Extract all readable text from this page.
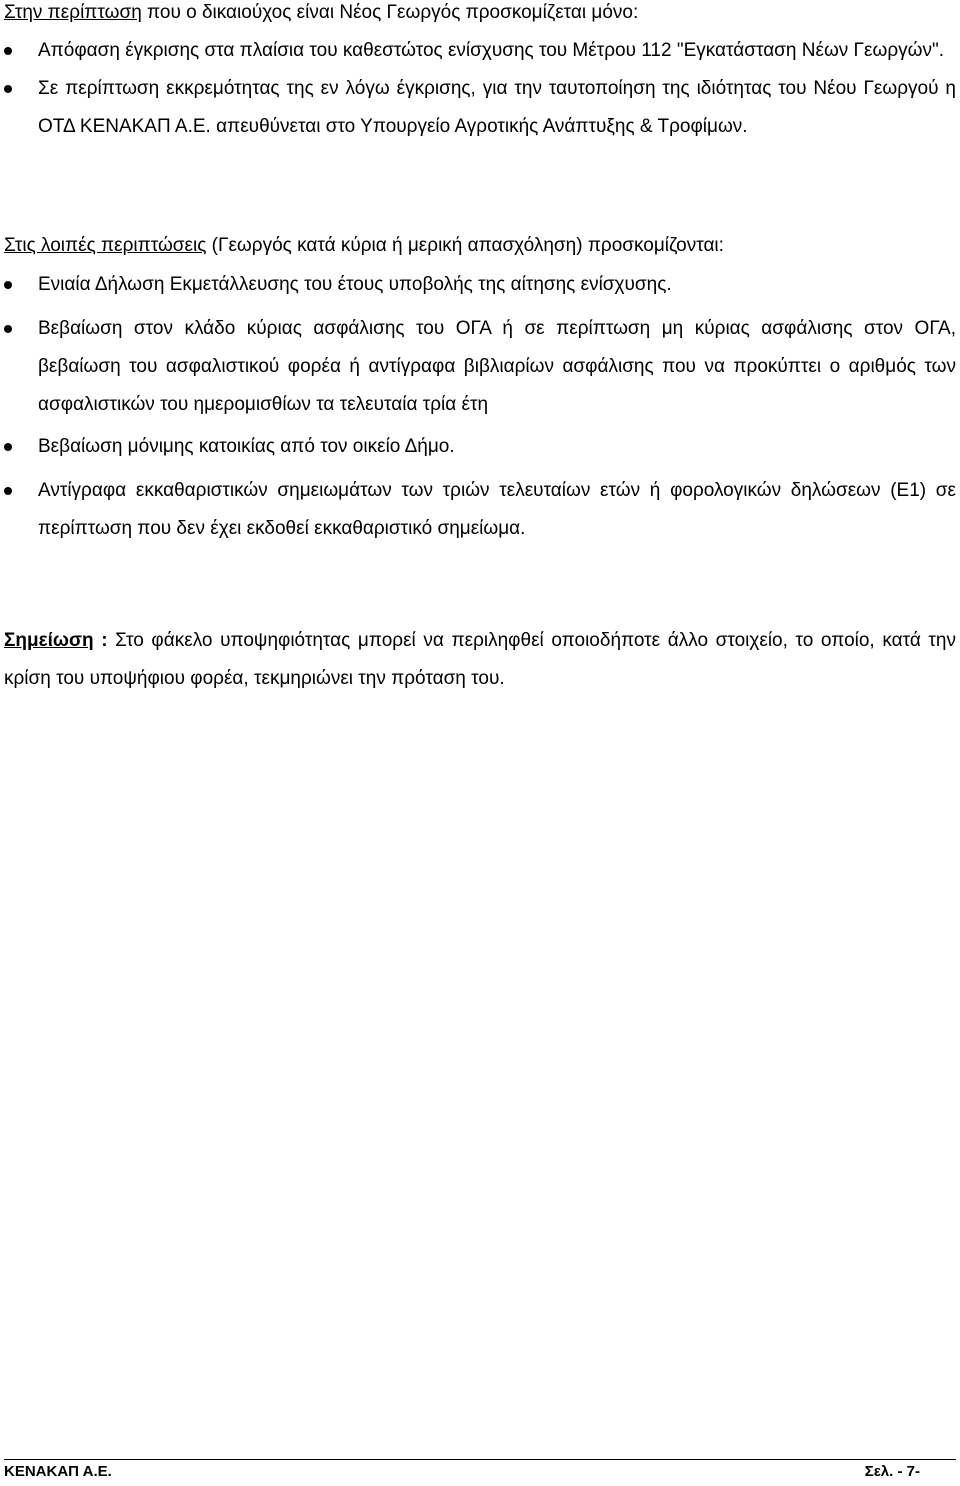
Στην περίπτωση που ο δικαιούχος είναι Νέος Γεωργός προσκομίζεται μόνο:

Απόφαση έγκρισης στα πλαίσια του καθεστώτος ενίσχυσης του Μέτρου 112 "Εγκατάσταση Νέων Γεωργών".
Σε περίπτωση εκκρεμότητας της εν λόγω έγκρισης, για την ταυτοποίηση της ιδιότητας του Νέου Γεωργού η ΟΤΔ ΚΕΝΑΚΑΠ Α.Ε. απευθύνεται στο Υπουργείο Αγροτικής Ανάπτυξης & Τροφίμων.

Στις λοιπές περιπτώσεις (Γεωργός κατά κύρια ή μερική απασχόληση) προσκομίζονται:

Ενιαία Δήλωση Εκμετάλλευσης του έτους υποβολής της αίτησης ενίσχυσης.
Βεβαίωση στον κλάδο κύριας ασφάλισης του ΟΓΑ ή σε περίπτωση μη κύριας ασφάλισης στον ΟΓΑ, βεβαίωση του ασφαλιστικού φορέα ή αντίγραφα βιβλιαρίων ασφάλισης που να προκύπτει ο αριθμός των ασφαλιστικών του ημερομισθίων τα τελευταία τρία έτη
Βεβαίωση μόνιμης κατοικίας από τον οικείο Δήμο.
Αντίγραφα εκκαθαριστικών σημειωμάτων των τριών τελευταίων ετών ή φορολογικών δηλώσεων (Ε1) σε περίπτωση που δεν έχει εκδοθεί εκκαθαριστικό σημείωμα.

Σημείωση : Στο φάκελο υποψηφιότητας μπορεί να περιληφθεί οποιοδήποτε άλλο στοιχείο, το οποίο, κατά την κρίση του υποψήφιου φορέα, τεκμηριώνει την πρόταση του.

ΚΕΝΑΚΑΠ Α.Ε.	Σελ. - 7-
